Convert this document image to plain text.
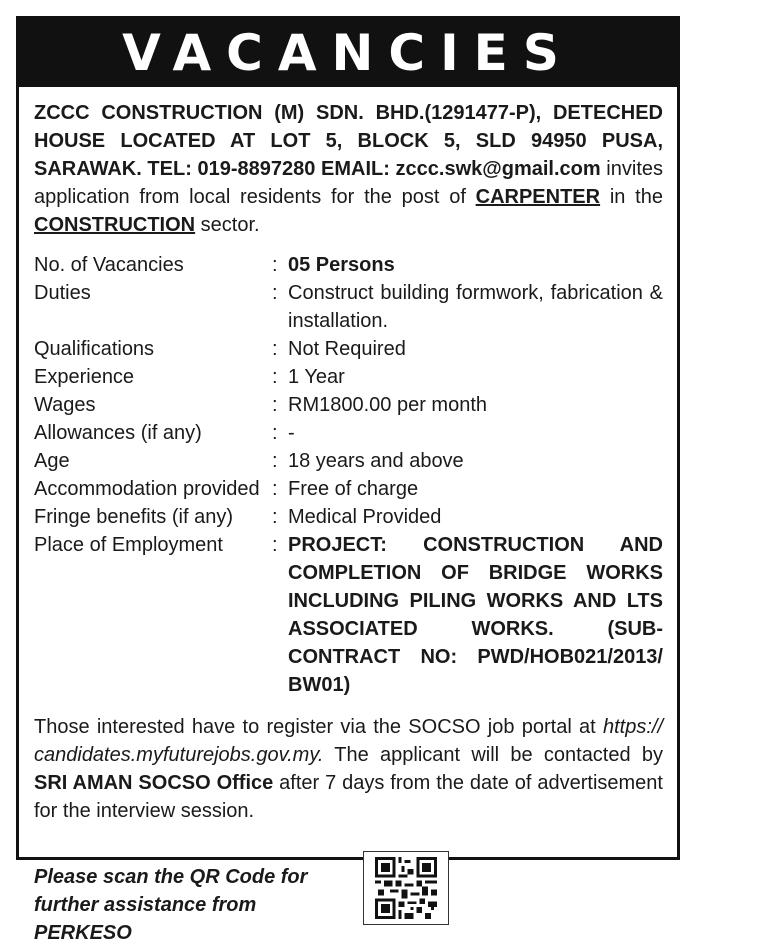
VACANCIES

ZCCC CONSTRUCTION (M) SDN. BHD.(1291477-P), DETECHED HOUSE LOCATED AT LOT 5, BLOCK 5, SLD 94950 PUSA, SARAWAK. TEL: 019-8897280 EMAIL: zccc.swk@gmail.com invites application from local residents for the post of CARPENTER in the CONSTRUCTION sector.

No. of Vacancies	: 05 Persons
Duties	: Construct building formwork, fabrication & installation.
Qualifications	: Not Required
Experience	: 1 Year
Wages	: RM1800.00 per month
Allowances (if any)	: -
Age	: 18 years and above
Accommodation provided : Free of charge
Fringe benefits (if any)	: Medical Provided
Place of Employment	: PROJECT: CONSTRUCTION AND COMPLETION OF BRIDGE WORKS INCLUDING PILING WORKS AND LTS ASSOCIATED WORKS. (SUB-CONTRACT NO: PWD/HOB021/2013/ BW01)

Those interested have to register via the SOCSO job portal at https:// candidates.myfuturejobs.gov.my. The applicant will be contacted by SRI AMAN SOCSO Office after 7 days from the date of advertisement for the interview session.

Please scan the QR Code for further assistance from PERKESO
